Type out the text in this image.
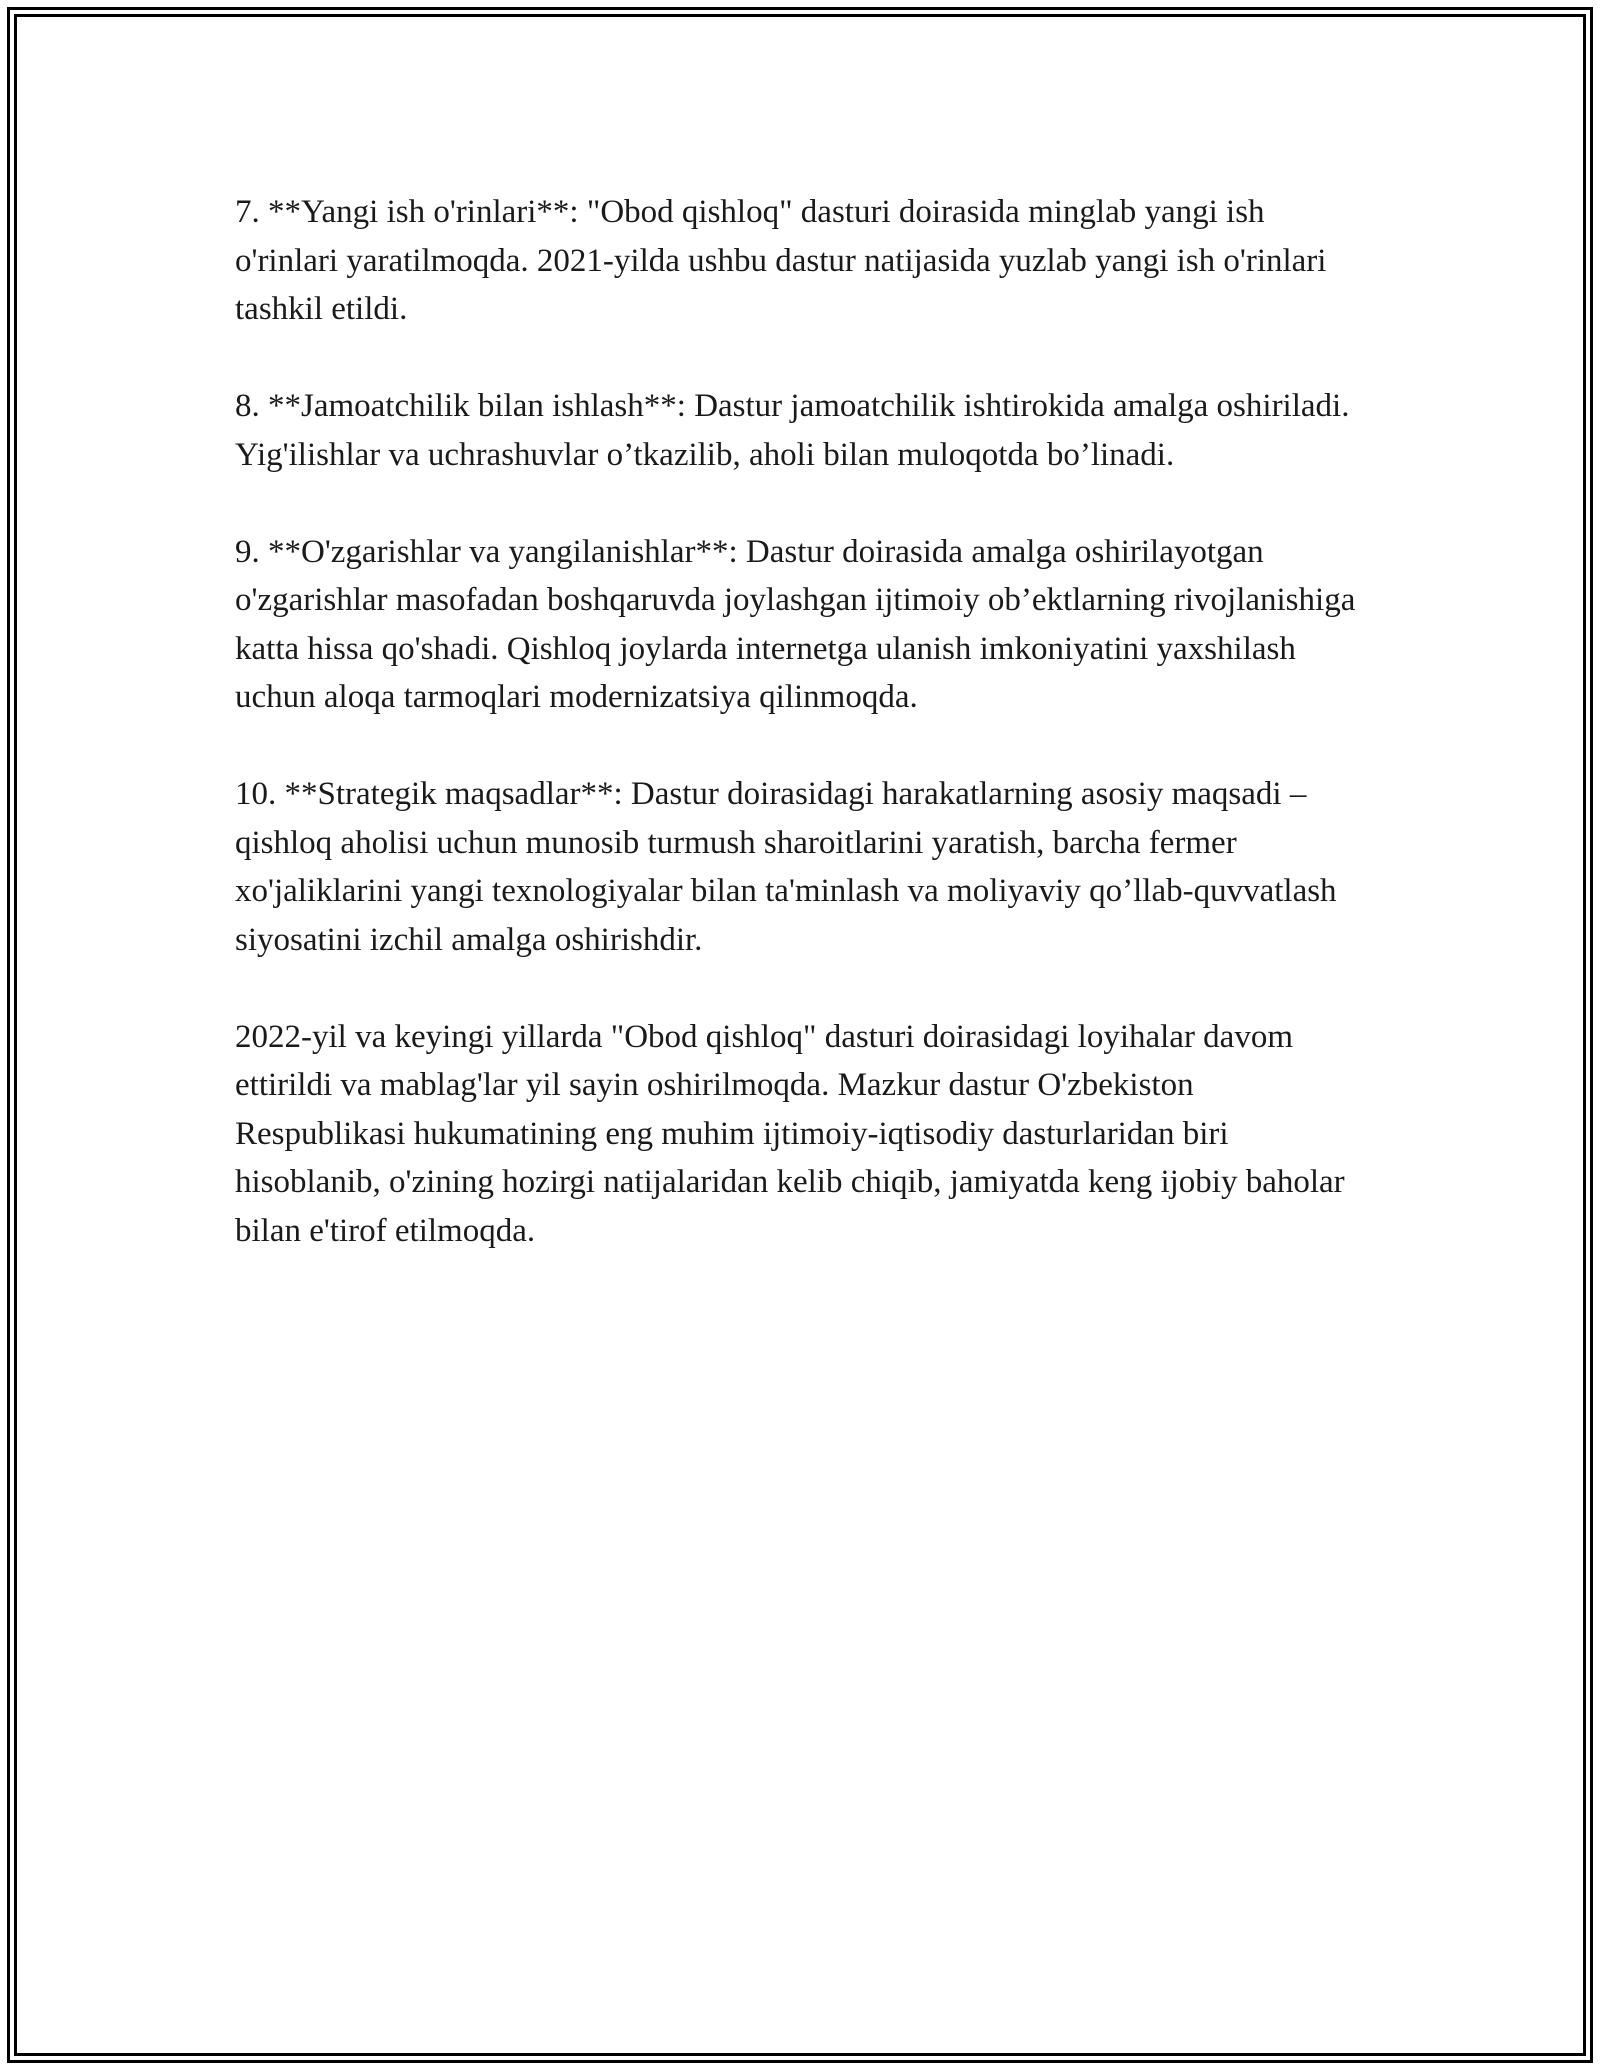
7. **Yangi ish o'rinlari**: "Obod qishloq" dasturi doirasida minglab yangi ish o'rinlari yaratilmoqda. 2021-yilda ushbu dastur natijasida yuzlab yangi ish o'rinlari tashkil etildi.

8. **Jamoatchilik bilan ishlash**: Dastur jamoatchilik ishtirokida amalga oshiriladi. Yig'ilishlar va uchrashuvlar o’tkazilib, aholi bilan muloqotda bo’linadi.

9. **O'zgarishlar va yangilanishlar**: Dastur doirasida amalga oshirilayotgan o'zgarishlar masofadan boshqaruvda joylashgan ijtimoiy ob’ektlarning rivojlanishiga katta hissa qo'shadi. Qishloq joylarda internetga ulanish imkoniyatini yaxshilash uchun aloqa tarmoqlari modernizatsiya qilinmoqda.

10. **Strategik maqsadlar**: Dastur doirasidagi harakatlarning asosiy maqsadi – qishloq aholisi uchun munosib turmush sharoitlarini yaratish, barcha fermer xo'jaliklarini yangi texnologiyalar bilan ta'minlash va moliyaviy qo’llab-quvvatlash siyosatini izchil amalga oshirishdir.

2022-yil va keyingi yillarda "Obod qishloq" dasturi doirasidagi loyihalar davom ettirildi va mablag'lar yil sayin oshirilmoqda. Mazkur dastur O'zbekiston Respublikasi hukumatining eng muhim ijtimoiy-iqtisodiy dasturlaridan biri hisoblanib, o'zining hozirgi natijalaridan kelib chiqib, jamiyatda keng ijobiy baholar bilan e'tirof etilmoqda.
